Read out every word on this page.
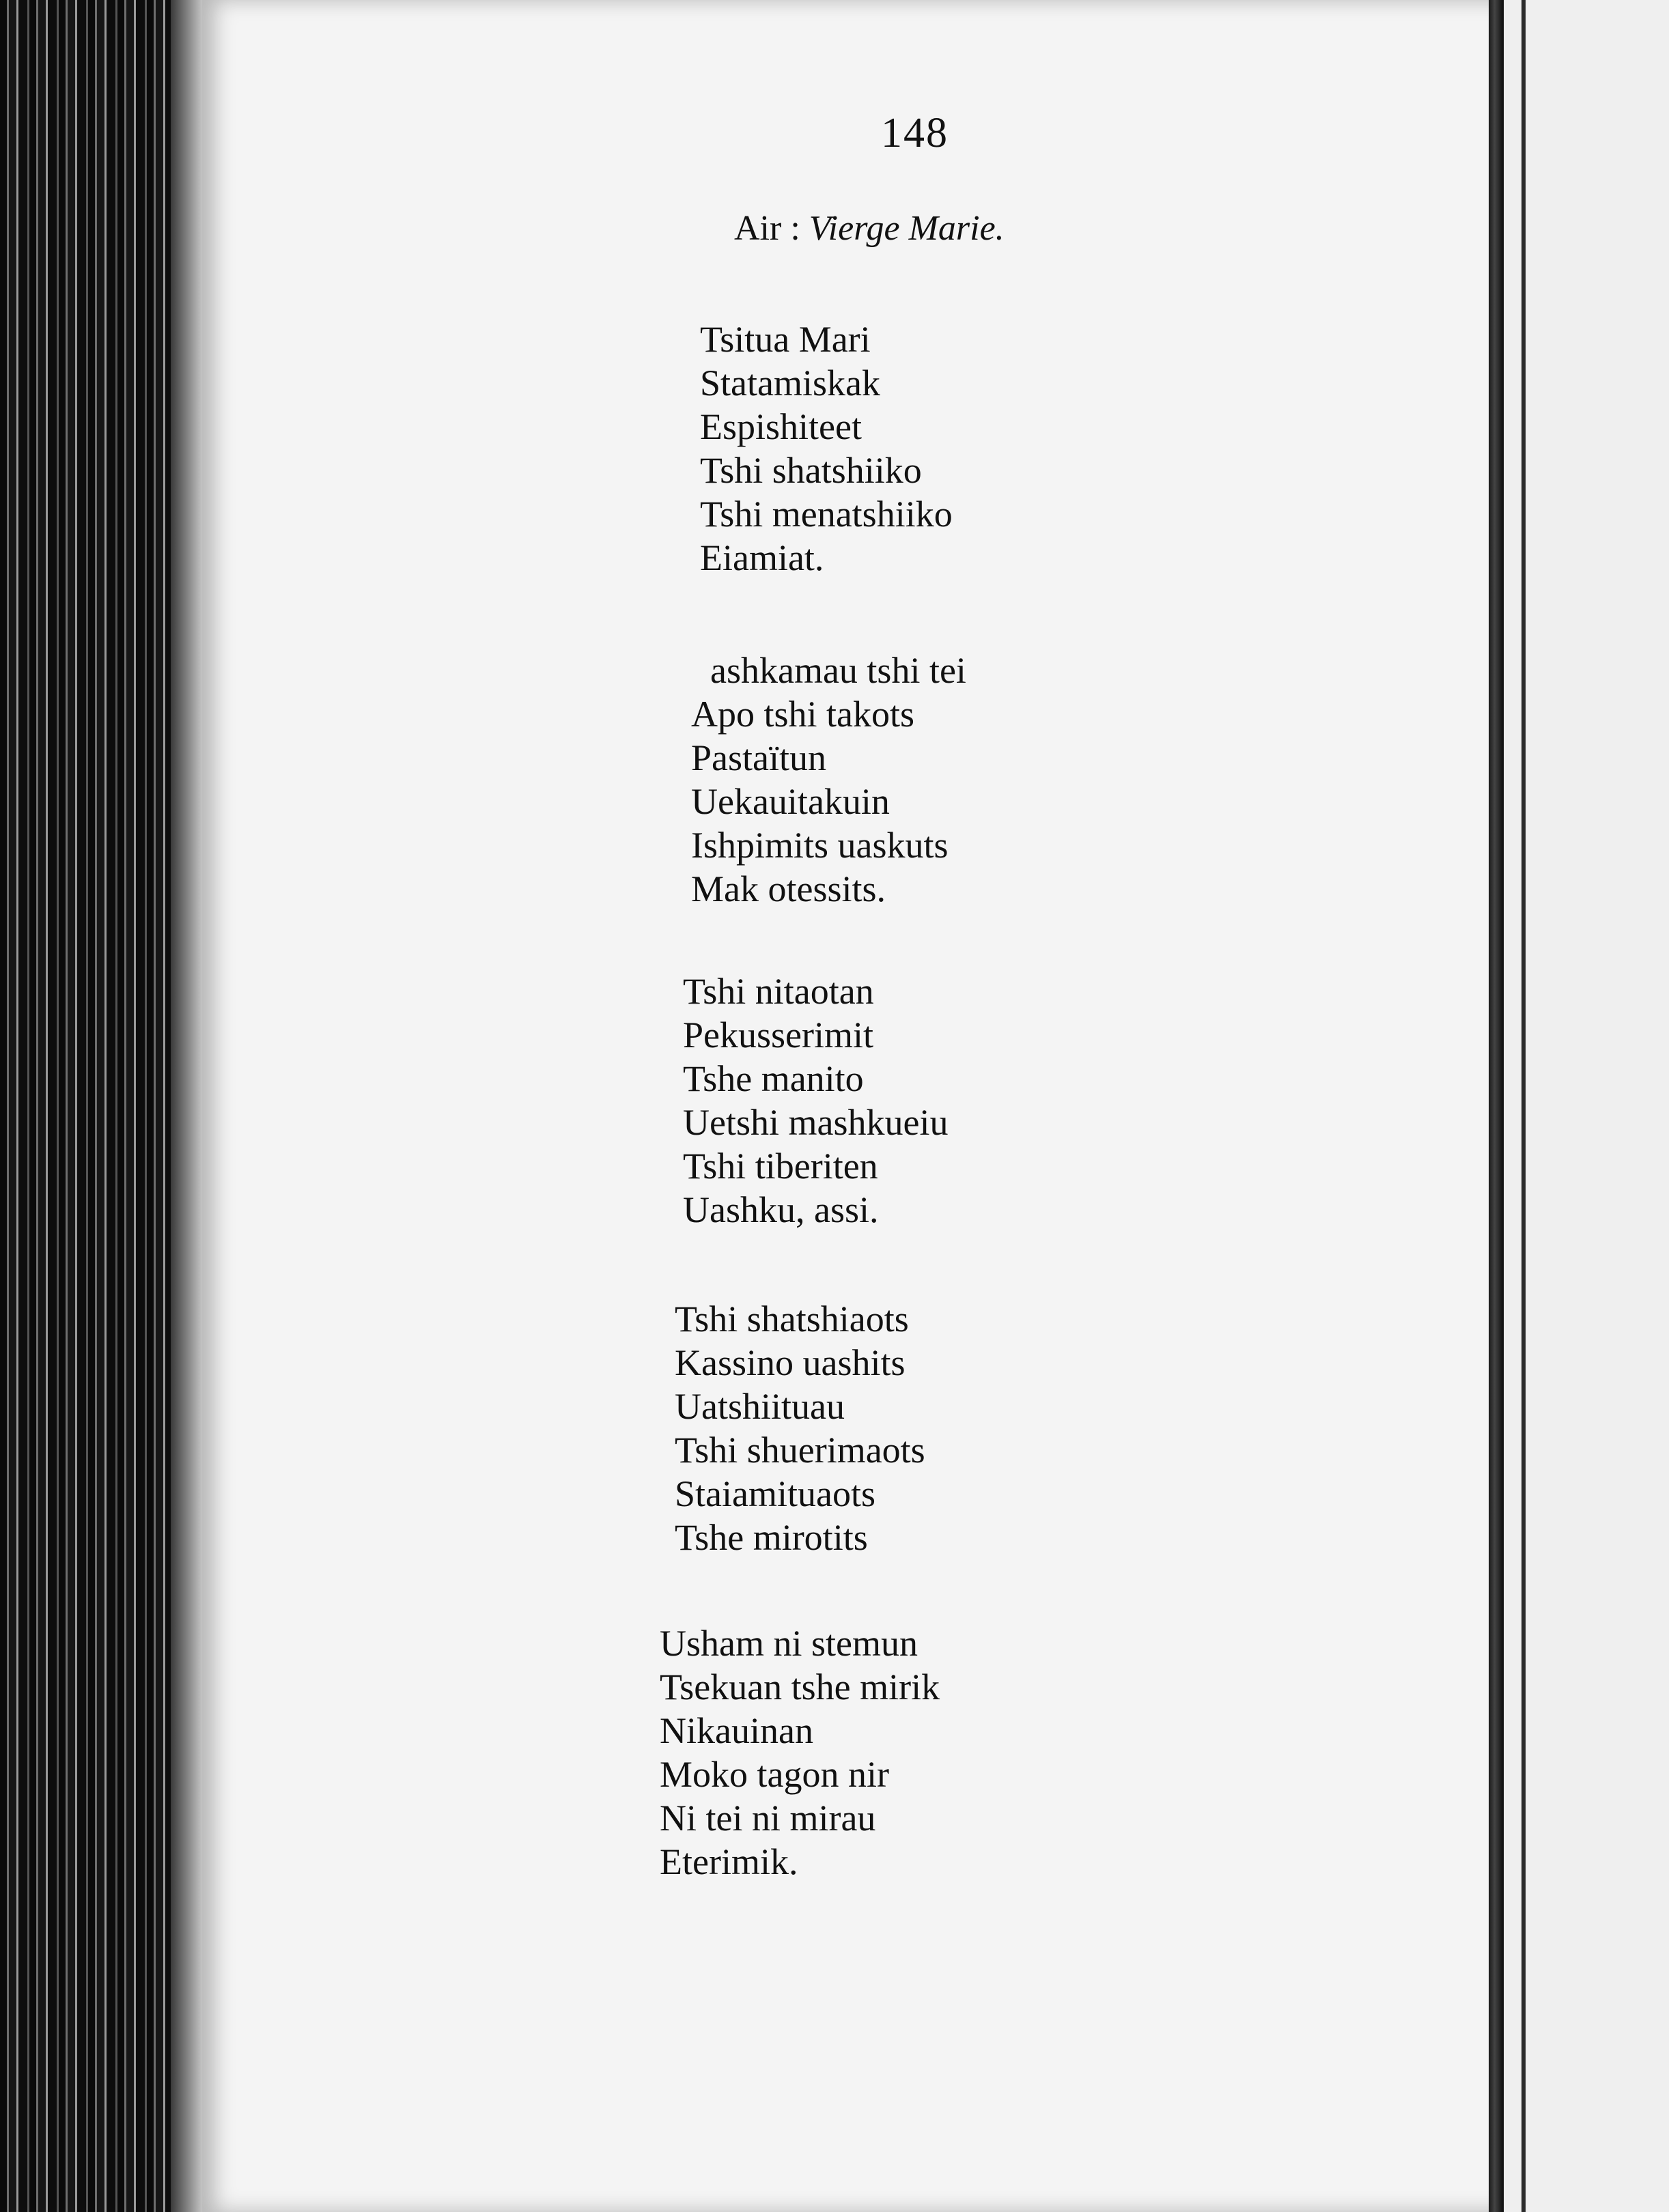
148
Air : Vierge Marie.
Tsitua Mari
Statamiskak
Espishiteet
Tshi shatshiiko
Tshi menatshiiko
Eiamiat.
ashkamau tshi tei
Apo tshi takots
Pastaïtun
Uekauitakuin
Ishpimits uaskuts
Mak otessits.
Tshi nitaotan
Pekusserimit
Tshe manito
Uetshi mashkueiu
Tshi tiberiten
Uashku, assi.
Tshi shatshiaots
Kassino uashits
Uatshiituau
Tshi shuerimaots
Staiamituaots
Tshe mirotits
Usham ni stemun
Tsekuan tshe mirik
Nikauinan
Moko tagon nir
Ni tei ni mirau
Eterimik.
